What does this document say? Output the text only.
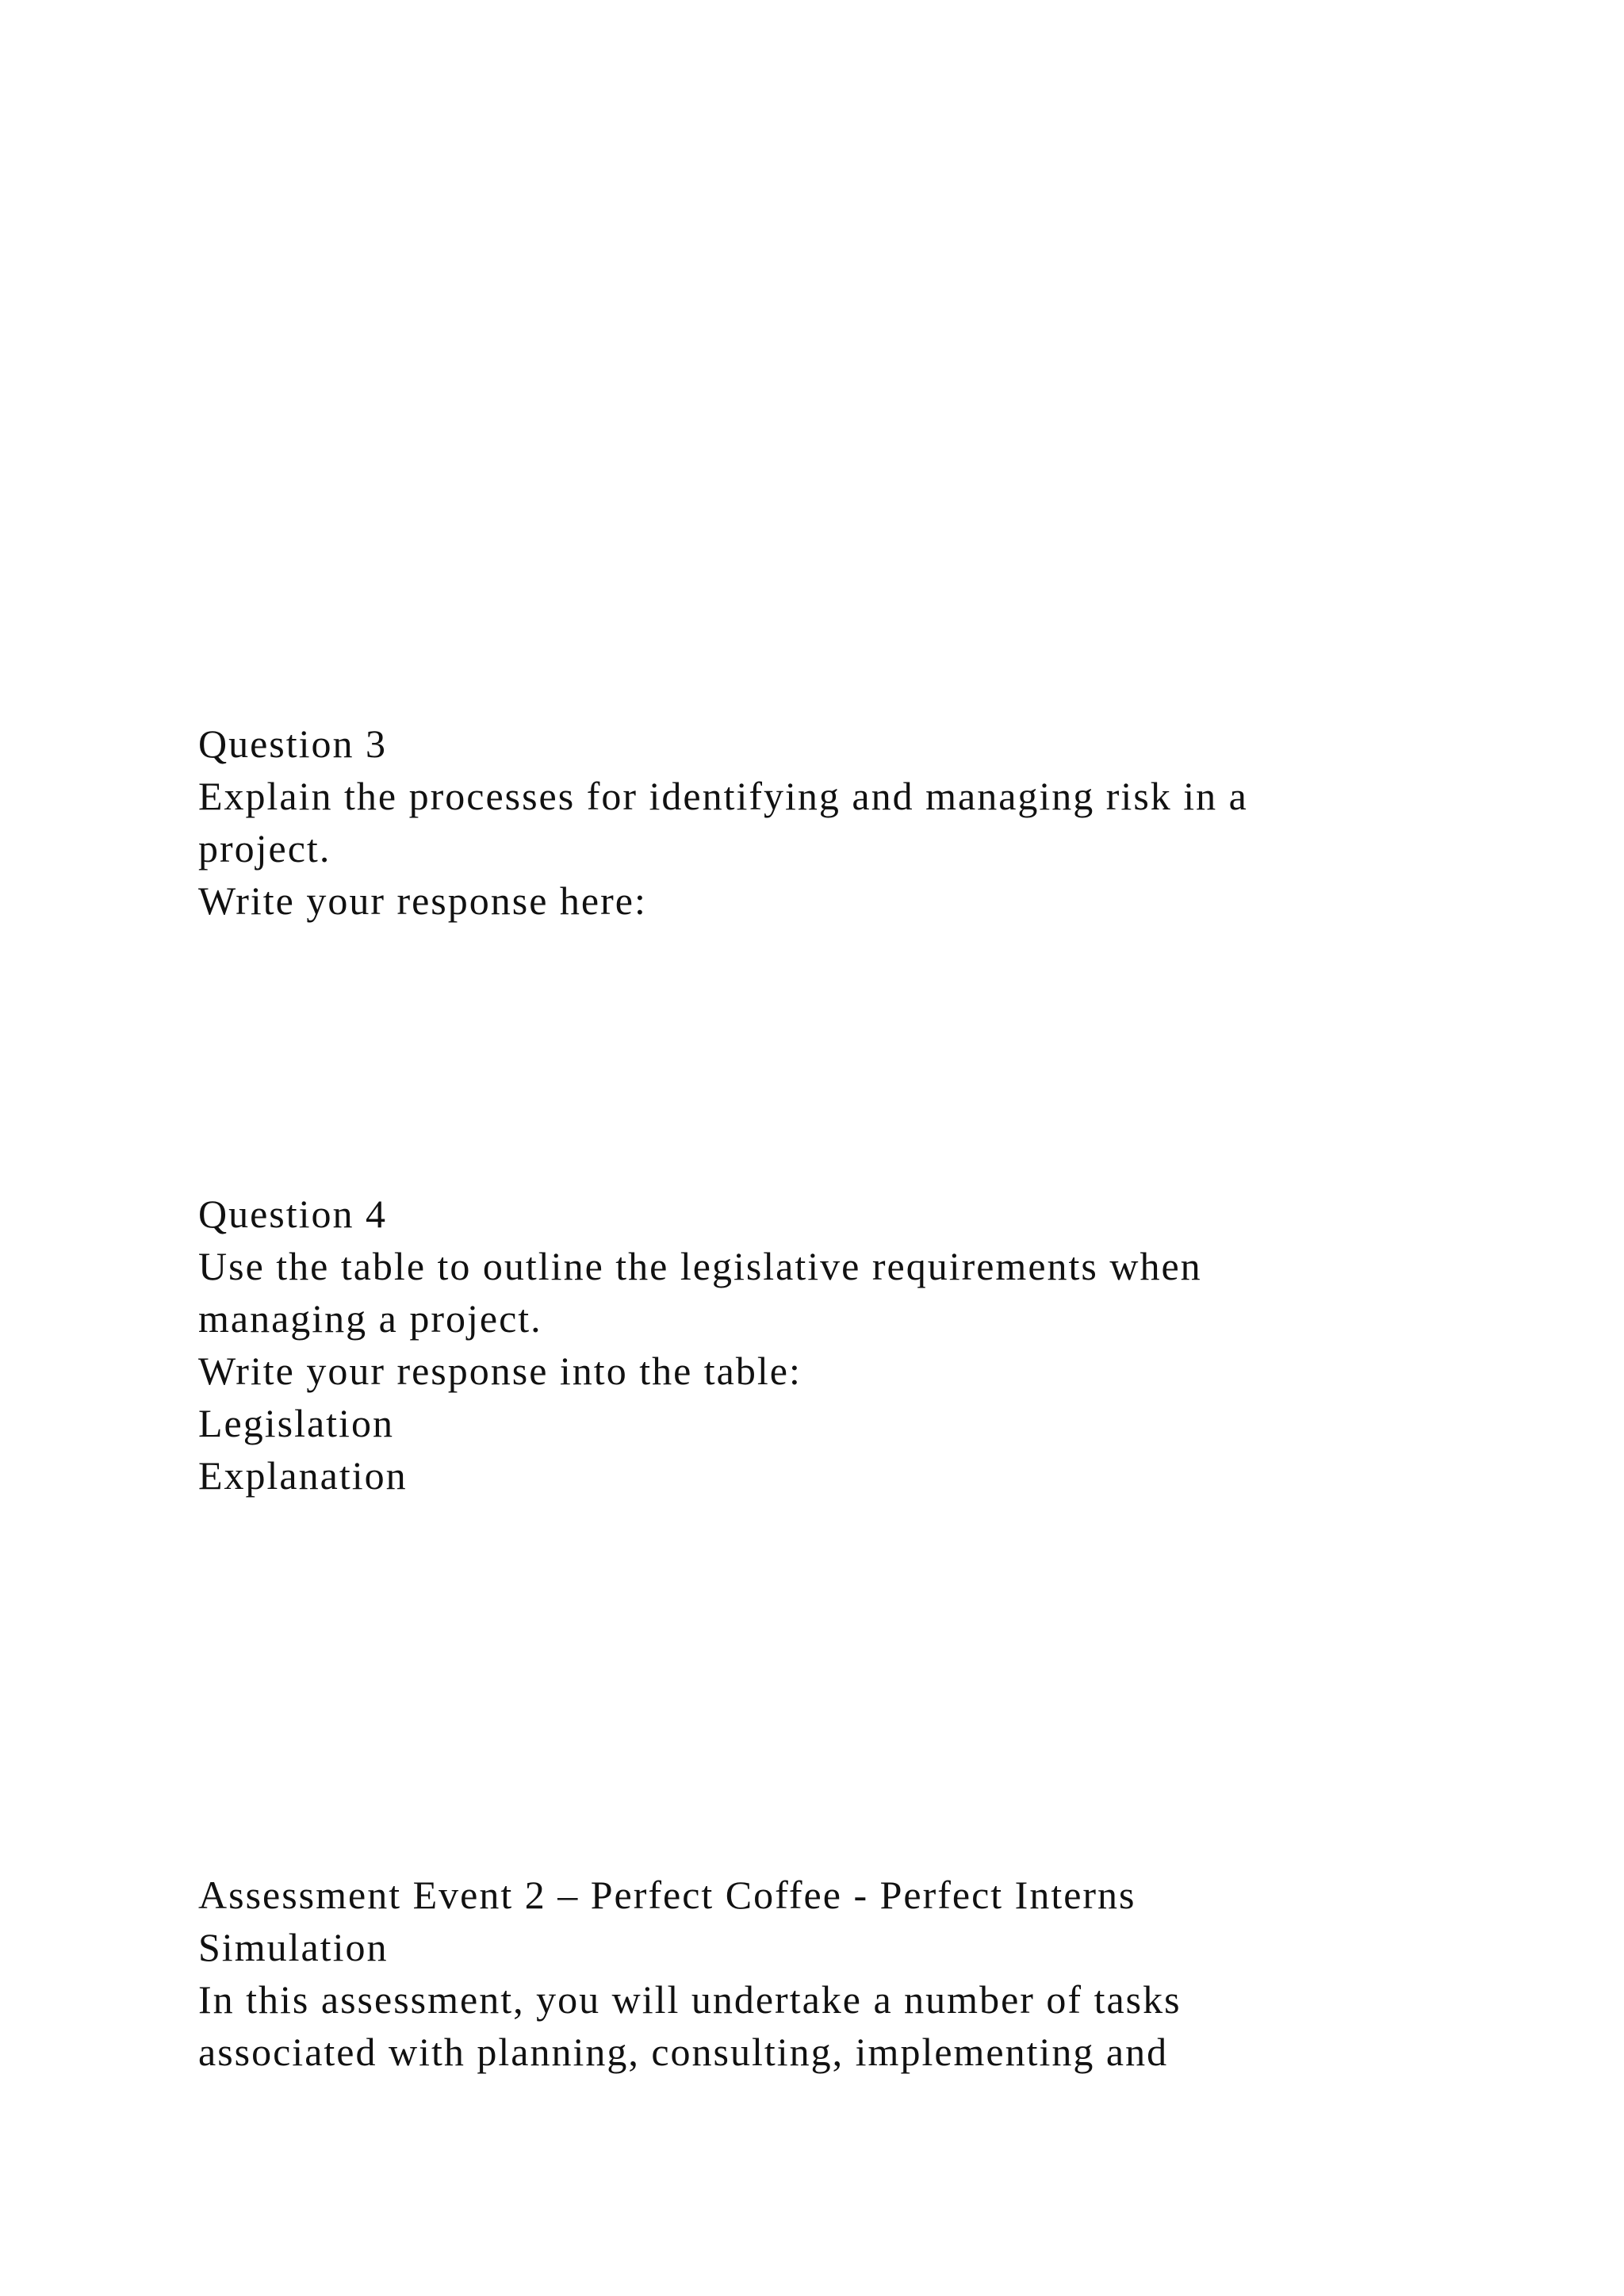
Question 3
Explain the processes for identifying and managing risk in a
project.
Write your response here:
Question 4
Use the table to outline the legislative requirements when
managing a project.
Write your response into the table:
Legislation
Explanation
Assessment Event 2 – Perfect Coffee - Perfect Interns
Simulation
In this assessment, you will undertake a number of tasks
associated with planning, consulting, implementing and
